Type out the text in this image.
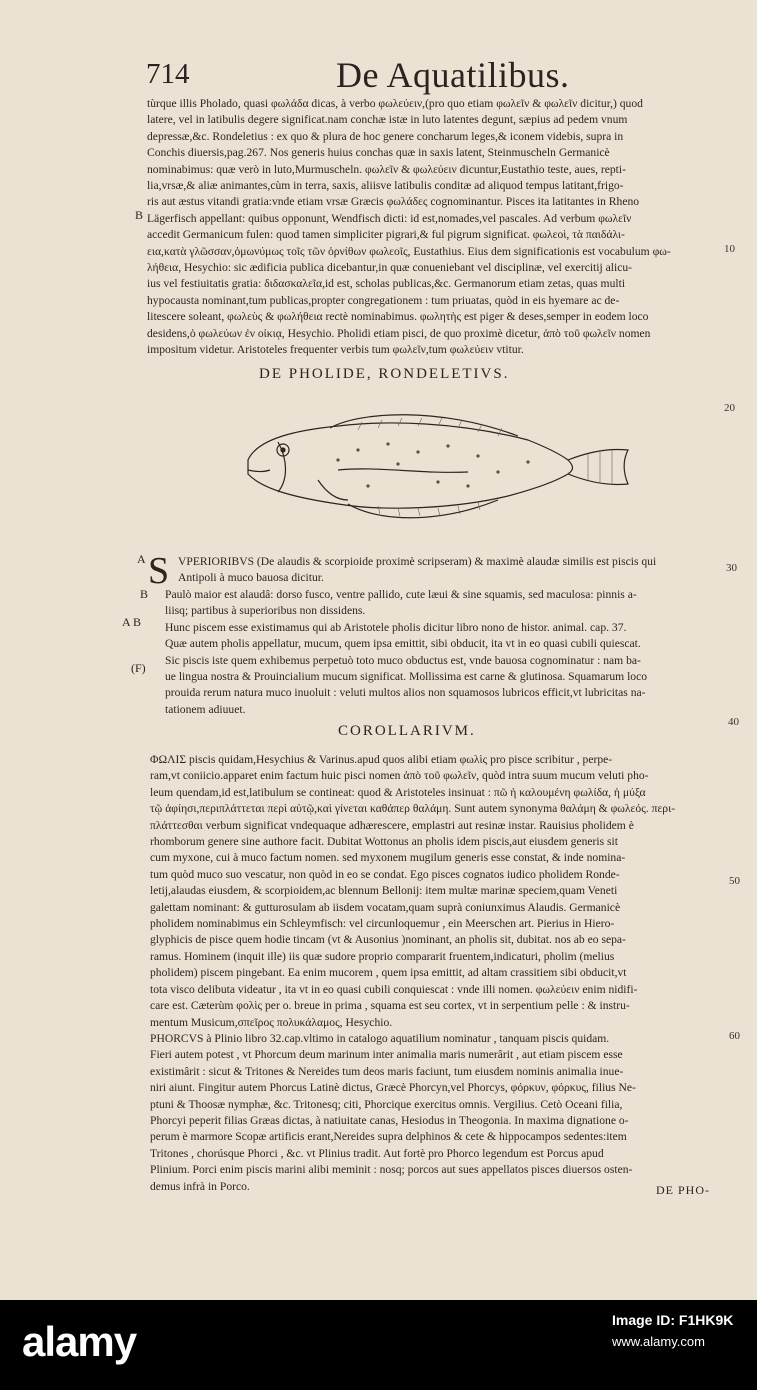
714	De Aquatilibus.
tùrque illis Pholado, quasi φωλάδα dicas, à verbo φωλεύειν,(pro quo etiam φωλεῖν & φωλεῖν dicitur,) quod
latere, vel in latibulis degere significat.nam conchæ istæ in luto latentes degunt, sæpius ad pedem vnum
depressæ,&c. Rondeletius : ex quo & plura de hoc genere concharum leges,& iconem videbis, supra in
Conchis diuersis,pag.267. Nos generis huius conchas quæ in saxis latent, Steinmuscheln Germanicè
nominabimus: quæ verò in luto,Murmuscheln. φωλεῖν & φωλεύειν dicuntur,Eustathio teste, aues, repti-
lia,vrsæ,& aliæ animantes,cùm in terra, saxis, aliisve latibulis conditæ ad aliquod tempus latitant,frigo-
ris aut æstus vitandi gratia:vnde etiam vrsæ Græcis φωλάδες cognominantur. Pisces ita latitantes in Rheno
Lägerfisch appellant: quibus opponunt, Wendfisch dicti: id est,nomades,vel pascales. Ad verbum φωλεῖν
accedit Germanicum fulen: quod tamen simpliciter pigrari,& ful pigrum significat. φωλεοὶ, τὰ παιδάλι-
εια,κατὰ γλῶσσαν,ὁμωνύμως τοῖς τῶν ὀρνίθων φωλεοῖς, Eustathius. Eius dem significationis est vocabulum φω-
λήθεια, Hesychio: sic ædificia publica dicebantur,in quæ conueniebant vel disciplinæ, vel exercitij alicu-
ius vel festiuitatis gratia: διδασκαλεῖα,id est, scholas publicas,&c. Germanorum etiam zetas, quas multi
hypocausta nominant,tum publicas,propter congregationem : tum priuatas, quòd in eis hyemare ac de-
litescere soleant, φωλεὺς & φωλήθεια rectè nominabimus. φωλητὴς est piger & deses,semper in eodem loco
desidens,ὁ φωλεύων ἐν οἰκιᾳ, Hesychio. Pholidi etiam pisci, de quo proximè dicetur, ἀπὸ τοῦ φωλεῖν nomen
impositum videtur. Aristoteles frequenter verbis tum φωλεῖν,tum φωλεύειν vtitur.
B
10
DE PHOLIDE, RONDELETIVS.
20
A S VPERIORIBVS (De alaudis & scorpioide proximè scripseram) & maximè alaudæ similis est piscis qui
Antipoli à muco bauosa dicitur.
30
Paulò maior est alaudâ: dorso fusco, ventre pallido, cute læui & sine squamis, sed maculosa: pinnis a-
liisq; partibus à superioribus non dissidens.
Hunc piscem esse existimamus qui ab Aristotele pholis dicitur libro nono de histor. animal. cap. 37.
Quæ autem pholis appellatur, mucum, quem ipsa emittit, sibi obducit, ita vt in eo quasi cubili quiescat.
Sic piscis iste quem exhibemus perpetuò toto muco obductus est, vnde bauosa cognominatur : nam ba-
ue lingua nostra & Prouincialium mucum significat. Mollissima est carne & glutinosa. Squamarum loco
prouida rerum natura muco inuoluit : veluti multos alios non squamosos lubricos efficit,vt lubricitas na-
tationem adiuuet.
B
A B
(F)
COROLLARIVM.
40
ΦΩΛΙΣ piscis quidam,Hesychius & Varinus.apud quos alibi etiam φωλὶς pro pisce scribitur , perpe-
ram,vt coniicio.apparet enim factum huic pisci nomen ἀπὸ τοῦ φωλεῖν, quòd intra suum mucum veluti pho-
leum quendam,id est,latibulum se contineat: quod & Aristoteles insinuat : πῶ ἡ καλουμένη φωλίδα, ἡ μύξα
τῷ ἀφίησι,περιπλάττεται περὶ αὐτῷ,καὶ γίνεται καθάπερ θαλάμη. Sunt autem synonyma θαλάμη & φωλεός. περι-
πλάττεσθαι verbum significat vndequaque adhærescere, emplastri aut resinæ instar. Rauisius pholidem è
rhomborum genere sine authore facit. Dubitat Wottonus an pholis idem piscis,aut eiusdem generis sit
cum myxone, cui à muco factum nomen. sed myxonem mugilum generis esse constat, & inde nomina-
tum quòd muco suo vescatur, non quòd in eo se condat. Ego pisces cognatos iudico pholidem Ronde-
letij,alaudas eiusdem, & scorpioidem,ac blennum Bellonij: item multæ marinæ speciem,quam Veneti
galettam nominant: & gutturosulam ab iisdem vocatam,quam suprà coniunximus Alaudis. Germanicè
pholidem nominabimus ein Schleymfisch: vel circunloquemur , ein Meerschen art. Pierius in Hiero-
glyphicis de pisce quem hodie tincam (vt & Ausonius )nominant, an pholis sit, dubitat. nos ab eo sepa-
ramus. Hominem (inquit ille) iis quæ sudore proprio compararit fruentem,indicaturi, pholim (melius
pholidem) piscem pingebant. Ea enim mucorem , quem ipsa emittit, ad altam crassitiem sibi obducit,vt
tota visco delibuta videatur , ita vt in eo quasi cubili conquiescat : vnde illi nomen. φωλεύειν enim nidifi-
care est. Cæterùm φολὶς per o. breue in prima , squama est seu cortex, vt in serpentium pelle : & instru-
mentum Musicum,σπεῖρος πολυκάλαμος, Hesychio.
PHORCVS à Plinio libro 32.cap.vltimo in catalogo aquatilium nominatur , tanquam piscis quidam.
Fieri autem potest , vt Phorcum deum marinum inter animalia maris numerârit , aut etiam piscem esse
existimârit : sicut & Tritones & Nereides tum deos maris faciunt, tum eiusdem nominis animalia inue-
niri aiunt. Fingitur autem Phorcus Latinè dictus, Græcè Phorcyn,vel Phorcys, φόρκυν, φόρκυς, filius Ne-
ptuni & Thoosæ nymphæ, &c. Tritonesq; citi, Phorcique exercitus omnis. Vergilius. Cetò Oceani filia,
Phorcyi peperit filias Græas dictas, à natiuitate canas, Hesiodus in Theogonia. In maxima dignatione o-
perum è marmore Scopæ artificis erant,Nereides supra delphinos & cete & hippocampos sedentes:item
Tritones , chorúsque Phorci , &c. vt Plinius tradit. Aut fortè pro Phorco legendum est Porcus apud
Plinium. Porci enim piscis marini alibi meminit : nosq; porcos aut sues appellatos pisces diuersos osten-
demus infrà in Porco.
50
60
DE PHO-
alamy	Image ID: F1HK9K
www.alamy.com
